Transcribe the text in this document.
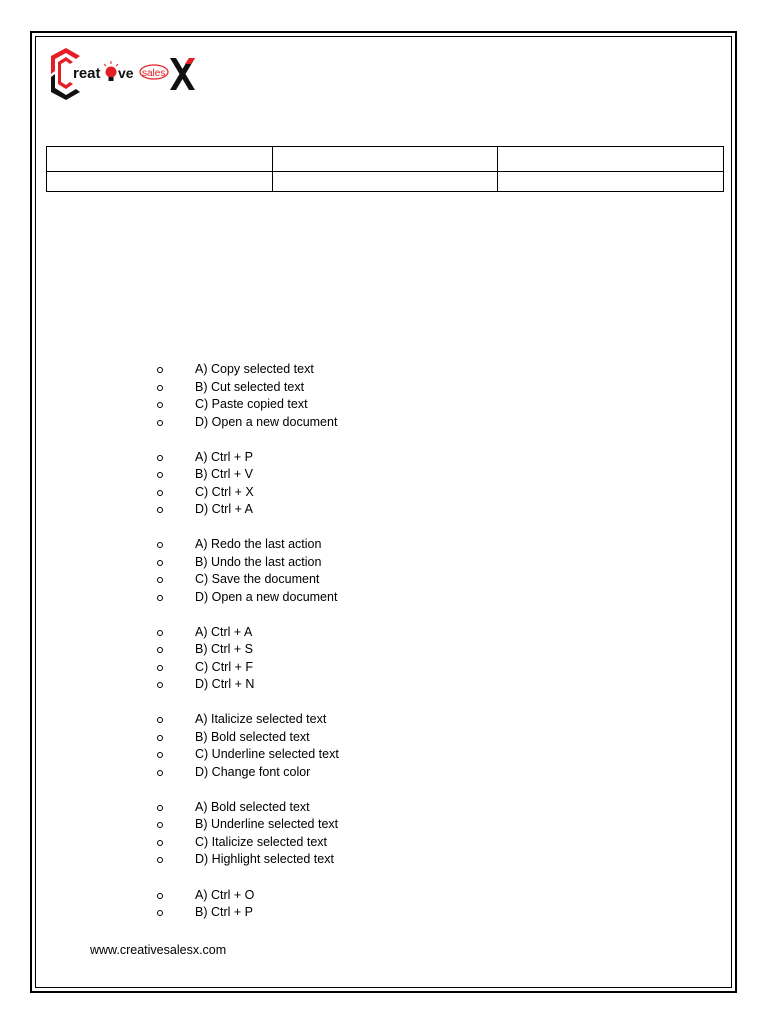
reat ve sales

A) Copy selected text
B) Cut selected text
C) Paste copied text
D) Open a new document
A) Ctrl + P
B) Ctrl + V
C) Ctrl + X
D) Ctrl + A
A) Redo the last action
B) Undo the last action
C) Save the document
D) Open a new document
A) Ctrl + A
B) Ctrl + S
C) Ctrl + F
D) Ctrl + N
A) Italicize selected text
B) Bold selected text
C) Underline selected text
D) Change font color
A) Bold selected text
B) Underline selected text
C) Italicize selected text
D) Highlight selected text
A) Ctrl + O
B) Ctrl + P
www.creativesalesx.com
